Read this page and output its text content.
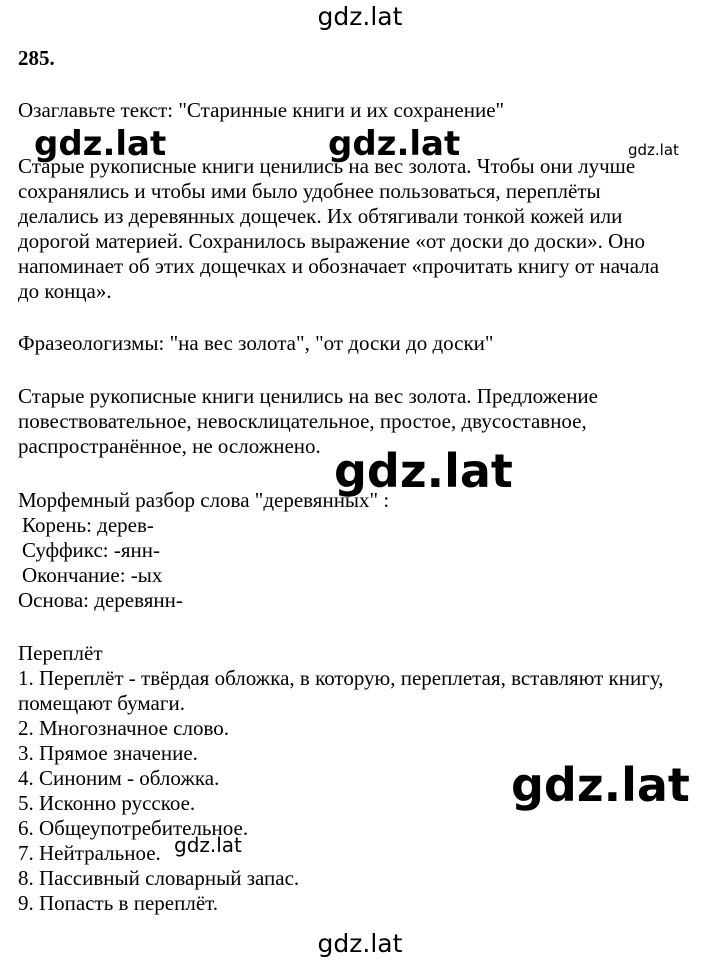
285.
Озаглавьте текст: "Старинные книги и их сохранение"
Старые рукописные книги ценились на вес золота. Чтобы они лучше
сохранялись и чтобы ими было удобнее пользоваться, переплёты
делались из деревянных дощечек. Их обтягивали тонкой кожей или
дорогой материей. Сохранилось выражение «от доски до доски». Оно
напоминает об этих дощечках и обозначает «прочитать книгу от начала
до конца».
Фразеологизмы: "на вес золота", "от доски до доски"
Старые рукописные книги ценились на вес золота. Предложение
повествовательное, невосклицательное, простое, двусоставное,
распространённое, не осложнено.
Морфемный разбор слова "деревянных" :
Корень: дерев-
Суффикс: -янн-
Окончание: -ых
Основа: деревянн-
Переплёт
1. Переплёт - твёрдая обложка, в которую, переплетая, вставляют книгу,
помещают бумаги.
2. Многозначное слово.
3. Прямое значение.
4. Синоним - обложка.
5. Исконно русское.
6. Общеупотребительное.
7. Нейтральное.
8. Пассивный словарный запас.
9. Попасть в переплёт.
gdz.lat
gdz.lat	gdz.lat	gdz.lat
gdz.lat
gdz.lat
gdz.lat
gdz.lat
